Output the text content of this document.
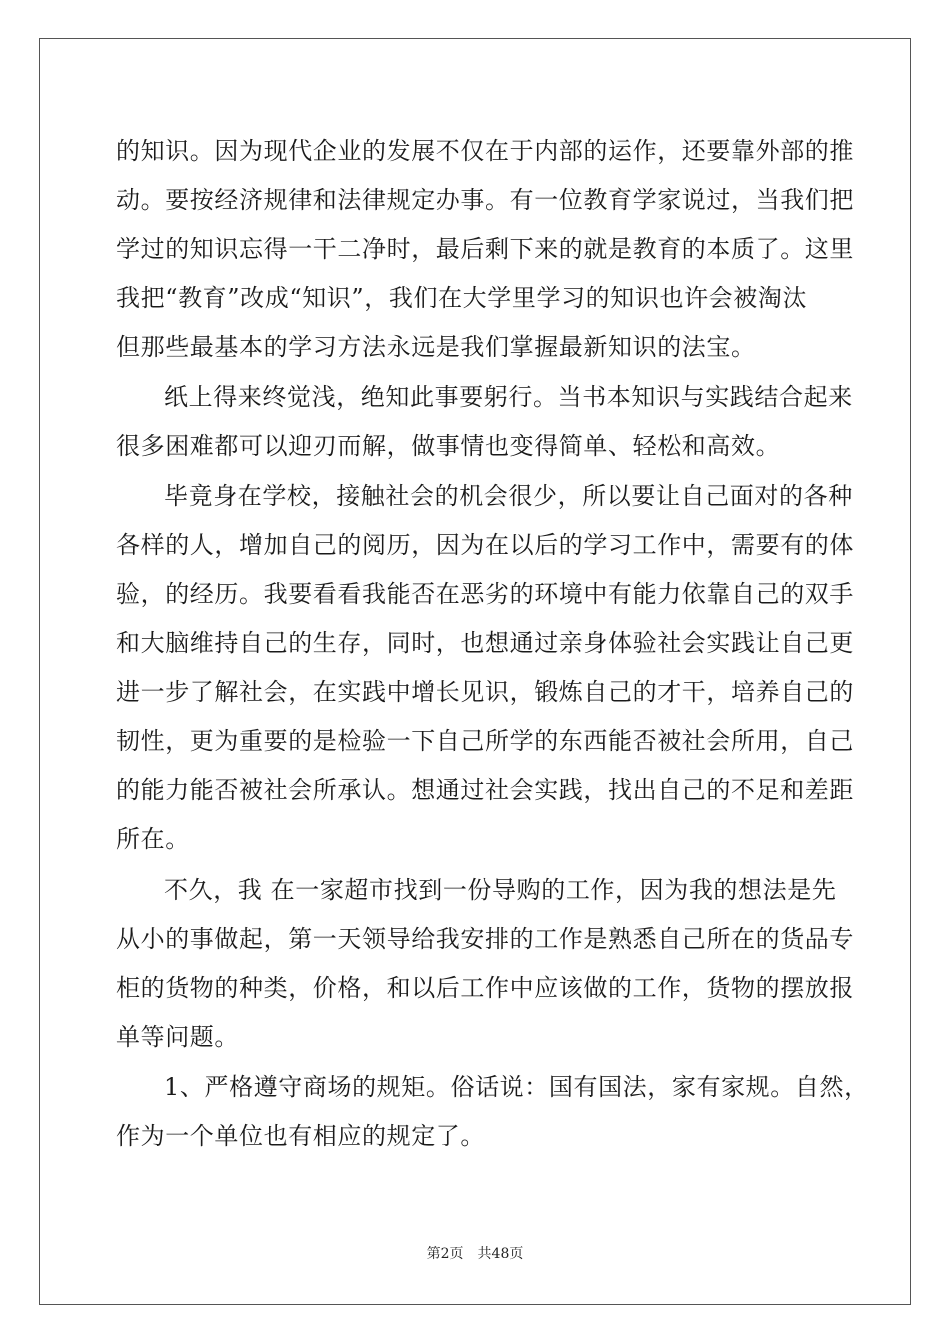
的知识。因为现代企业的发展不仅在于内部的运作，还要靠外部的推
动。要按经济规律和法律规定办事。有一位教育学家说过，当我们把
学过的知识忘得一干二净时，最后剩下来的就是教育的本质了。这里
我把“教育”改成“知识”，我们在大学里学习的知识也许会被淘汰
但那些最基本的学习方法永远是我们掌握最新知识的法宝。
纸上得来终觉浅，绝知此事要躬行。当书本知识与实践结合起来
很多困难都可以迎刃而解，做事情也变得简单、轻松和高效。
毕竟身在学校，接触社会的机会很少，所以要让自己面对的各种
各样的人，增加自己的阅历，因为在以后的学习工作中，需要有的体
验，的经历。我要看看我能否在恶劣的环境中有能力依靠自己的双手
和大脑维持自己的生存，同时，也想通过亲身体验社会实践让自己更
进一步了解社会，在实践中增长见识，锻炼自己的才干，培养自己的
韧性，更为重要的是检验一下自己所学的东西能否被社会所用，自己
的能力能否被社会所承认。想通过社会实践，找出自己的不足和差距
所在。
不久，我 在一家超市找到一份导购的工作，因为我的想法是先
从小的事做起，第一天领导给我安排的工作是熟悉自己所在的货品专
柜的货物的种类，价格，和以后工作中应该做的工作，货物的摆放报
单等问题。
1、严格遵守商场的规矩。俗话说：国有国法，家有家规。自然，
作为一个单位也有相应的规定了。
第2页 共48页
